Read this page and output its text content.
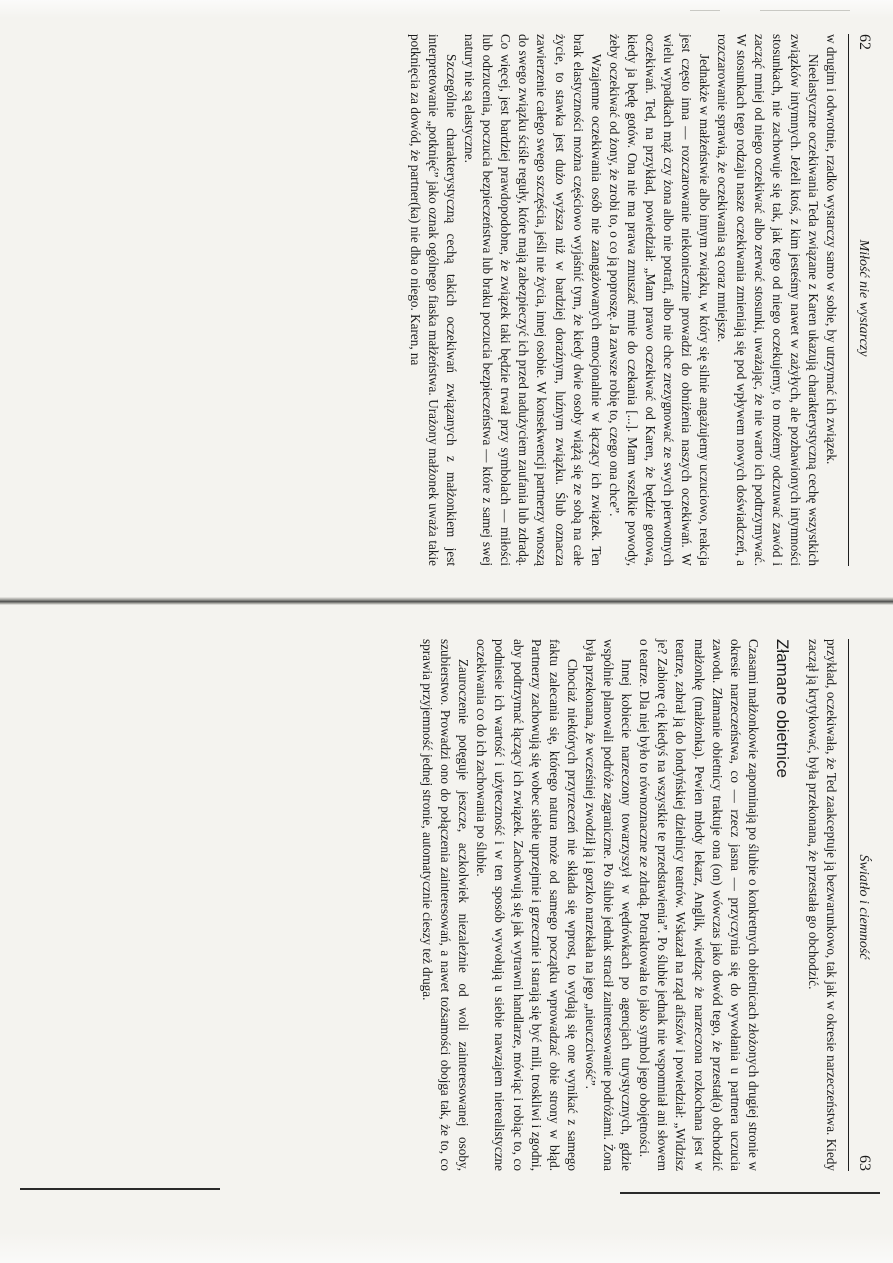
62
Miłość nie wystarczy

w drugim i odwrotnie, rzadko wystarczy samo w sobie, by utrzymać ich związek.

Nieelastyczne oczekiwania Teda związane z Karen ukazują charakterystyczną cechę wszystkich związków intymnych. Jeżeli ktoś, z kim jesteśmy nawet w zażyłych, ale pozbawionych intymności stosunkach, nie zachowuje się tak, jak tego od niego oczekujemy, to możemy odczuwać zawód i zacząć mniej od niego oczekiwać albo zerwać stosunki, uważając, że nie warto ich podtrzymywać. W stosunkach tego rodzaju nasze oczekiwania zmieniają się pod wpływem nowych doświadczeń, a rozczarowanie sprawia, że oczekiwania są coraz mniejsze.

Jednakże w małżeństwie albo innym związku, w który się silnie angażujemy uczuciowo, reakcja jest często inna — rozczarowanie niekoniecznie prowadzi do obniżenia naszych oczekiwań. W wielu wypadkach mąż czy żona albo nie potrafi, albo nie chce zrezygnować ze swych pierwotnych oczekiwań. Ted, na przykład, powiedział: „Mam prawo oczekiwać od Karen, że będzie gotowa, kiedy ja będę gotów. Ona nie ma prawa zmuszać mnie do czekania [...]. Mam wszelkie powody, żeby oczekiwać od żony, że zrobi to, o co ją poproszę. Ja zawsze robię to, czego ona chce”.

Wzajemne oczekiwania osób nie zaangażowanych emocjonalnie w łączący ich związek. Ten brak elastyczności można częściowo wyjaśnić tym, że kiedy dwie osoby wiążą się ze sobą na całe życie, to stawka jest dużo wyższa niż w bardziej doraźnym, luźnym związku. Ślub oznacza zawierzenie całego swego szczęścia, jeśli nie życia, innej osobie. W konsekwencji partnerzy wnoszą do swego związku ściśle reguły, które mają zabezpieczyć ich przed nadużyciem zaufania lub zdradą. Co więcej, jest bardziej prawdopodobne, że związek taki będzie trwał przy symbolach — miłości lub odrzucenia, poczucia bezpieczeństwa lub braku poczucia bezpieczeństwa — które z samej swej natury nie są elastyczne.

Szczególnie charakterystyczną cechą takich oczekiwań związanych z małżonkiem jest interpretowanie „potknięć” jako oznak ogólnego fiaska małżeństwa. Urażony małżonek uważa takie potknięcia za dowód, że partner(ka) nie dba o niego. Karen, na

Światło i ciemność
63

przykład, oczekiwała, że Ted zaakceptuje ją bezwarunkowo, tak jak w okresie narzeczeństwa. Kiedy zaczął ją krytykować, była przekonana, że przestała go obchodzić.

Złamane obietnice

Czasami małżonkowie zapominają po ślubie o konkretnych obietnicach złożonych drugiej stronie w okresie narzeczeństwa, co — rzecz jasna — przyczynia się do wywołania u partnera uczucia zawodu. Złamanie obietnicy traktuje ona (on) wówczas jako dowód tego, że przestał(a) obchodzić małżonkę (małżonka). Pewien młody lekarz, Anglik, wiedząc że narzeczona rozkochana jest w teatrze, zabrał ją do londyńskiej dzielnicy teatrów. Wskazał na rząd afiszów i powiedział: „Widzisz je? Zabiorę cię kiedyś na wszystkie te przedstawienia”. Po ślubie jednak nie wspomniał ani słowem o teatrze. Dla niej było to równoznaczne ze zdradą. Potraktowała to jako symbol jego obojętności.

Innej kobiecie narzeczony towarzyszył w wędrówkach po agencjach turystycznych, gdzie wspólnie planowali podróże zagraniczne. Po ślubie jednak stracił zainteresowanie podróżami. Żona była przekonana, że wcześniej zwodził ją i gorzko narzekała na jego „nieuczciwość”.

Chociaż niektórych przyrzeczeń nie składa się wprost, to wydają się one wynikać z samego faktu zalecania się, którego natura może od samego początku wprowadzać obie strony w błąd. Partnerzy zachowują się wobec siebie uprzejmie i grzecznie i starają się być mili, troskliwi i zgodni, aby podtrzymać łączący ich związek. Zachowują się jak wytrawni handlarze, mówiąc i robiąc to, co podniesie ich wartość i użyteczność i w ten sposób wywołują u siebie nawzajem nierealistyczne oczekiwania co do ich zachowania po ślubie.

Zauroczenie potęguje jeszcze, aczkolwiek niezależnie od woli zainteresowanej osoby, szubierstwo. Prowadzi ono do połączenia zainteresowań, a nawet tożsamości obojga tak, że to, co sprawia przyjemność jednej stronie, automatycznie cieszy też druga.
